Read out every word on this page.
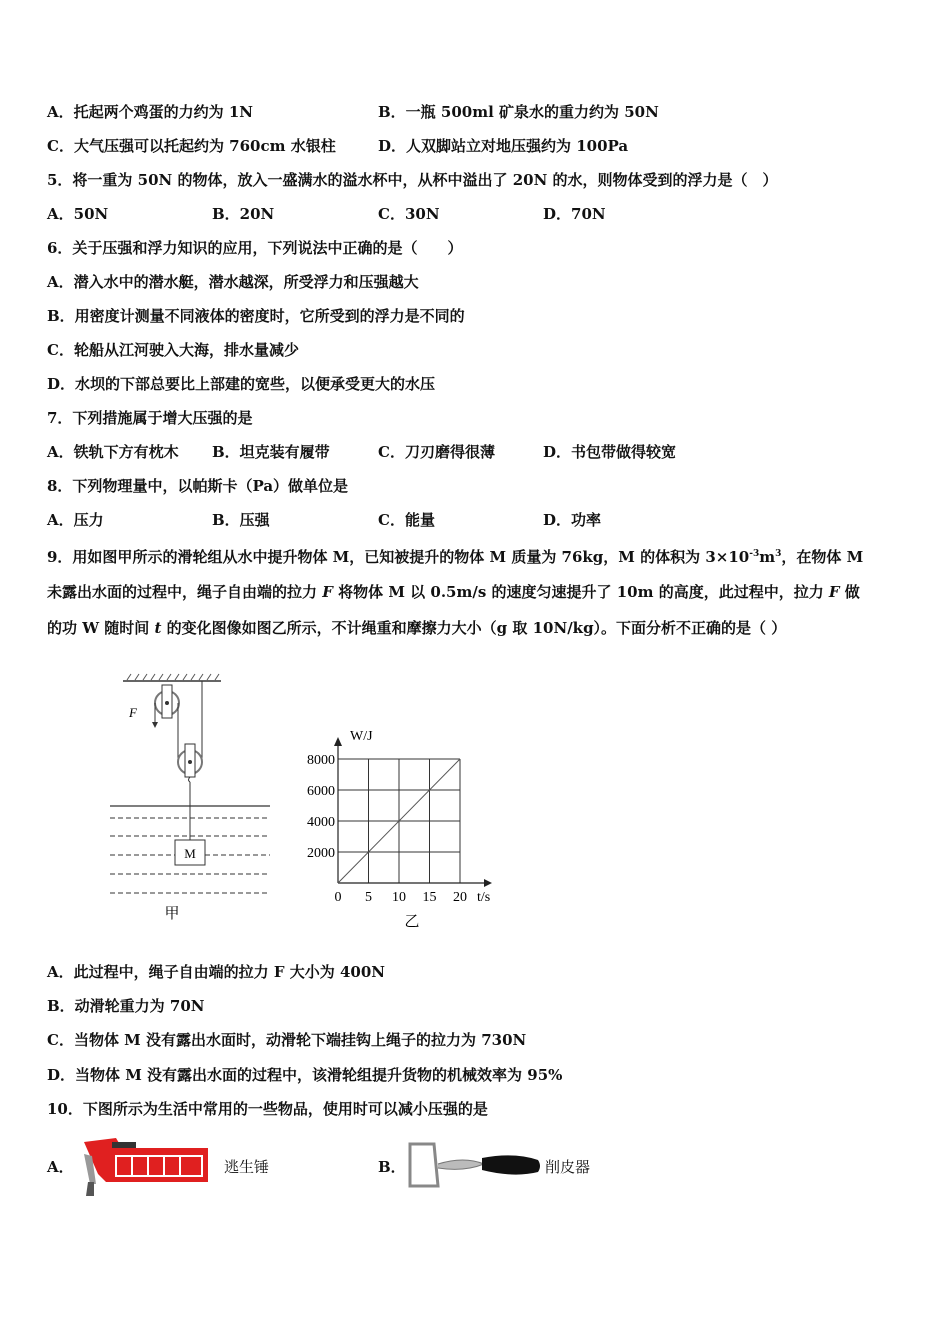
A．托起两个鸡蛋的力约为 1N	B．一瓶 500ml 矿泉水的重力约为 50N
C．大气压强可以托起约为 760cm 水银柱	D．人双脚站立对地压强约为 100Pa
5．将一重为 50N 的物体，放入一盛满水的溢水杯中，从杯中溢出了 20N 的水，则物体受到的浮力是（　）
A．50N	B．20N	C．30N	D．70N
6．关于压强和浮力知识的应用，下列说法中正确的是（　　）
A．潜入水中的潜水艇，潜水越深，所受浮力和压强越大
B．用密度计测量不同液体的密度时，它所受到的浮力是不同的
C．轮船从江河驶入大海，排水量减少
D．水坝的下部总要比上部建的宽些，以便承受更大的水压
7．下列措施属于增大压强的是
A．铁轨下方有枕木 B．坦克装有履带	C．刀刃磨得很薄	D．书包带做得较宽
8．下列物理量中，以帕斯卡（Pa）做单位是
A．压力	B．压强	C．能量	D．功率
9．用如图甲所示的滑轮组从水中提升物体 M，已知被提升的物体 M 质量为 76kg，M 的体积为 $3\times 10^{-3}m^3$，在物体 M
未露出水面的过程中，绳子自由端的拉力 F 将物体 M 以 0.5m/s 的速度匀速提升了 10m 的高度，此过程中，拉力 F 做
的功 W 随时间 t 的变化图像如图乙所示，不计绳重和摩擦力大小（g 取 10N/kg）。下面分析不正确的是（ ）
F
M
甲
0 5 10 15 20
2000
4000
6000
8000
W/J
t/s
乙
A．此过程中，绳子自由端的拉力 F 大小为 400N
B．动滑轮重力为 70N
C．当物体 M 没有露出水面时，动滑轮下端挂钩上绳子的拉力为 730N
D．当物体 M 没有露出水面的过程中，该滑轮组提升货物的机械效率为 95%
10．下图所示为生活中常用的一些物品，使用时可以减小压强的是
A．	逃生锤	B．	削皮器
